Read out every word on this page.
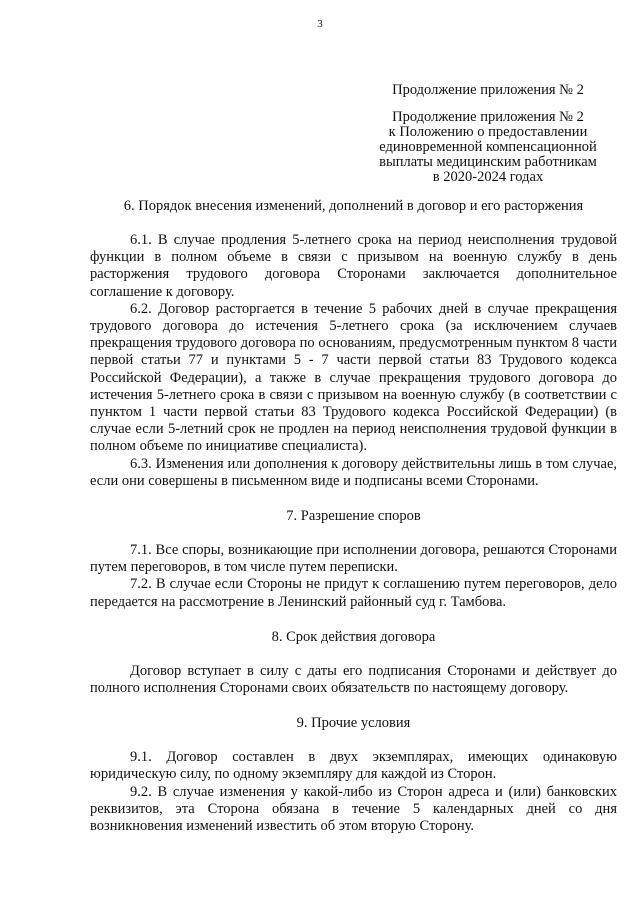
3
Продолжение приложения № 2
Продолжение приложения № 2
к Положению о предоставлении
единовременной компенсационной
выплаты медицинским работникам
в 2020-2024 годах
6. Порядок внесения изменений, дополнений в договор и его расторжения

6.1. В случае продления 5-летнего срока на период неисполнения трудовой функции в полном объеме в связи с призывом на военную службу в день расторжения трудового договора Сторонами заключается дополнительное соглашение к договору.

6.2. Договор расторгается в течение 5 рабочих дней в случае прекращения трудового договора до истечения 5-летнего срока (за исключением случаев прекращения трудового договора по основаниям, предусмотренным пунктом 8 части первой статьи 77 и пунктами 5 - 7 части первой статьи 83 Трудового кодекса Российской Федерации), а также в случае прекращения трудового договора до истечения 5-летнего срока в связи с призывом на военную службу (в соответствии с пунктом 1 части первой статьи 83 Трудового кодекса Российской Федерации) (в случае если 5-летний срок не продлен на период неисполнения трудовой функции в полном объеме по инициативе специалиста).

6.3. Изменения или дополнения к договору действительны лишь в том случае, если они совершены в письменном виде и подписаны всеми Сторонами.

7. Разрешение споров

7.1. Все споры, возникающие при исполнении договора, решаются Сторонами путем переговоров, в том числе путем переписки.

7.2. В случае если Стороны не придут к соглашению путем переговоров, дело передается на рассмотрение в Ленинский районный суд г. Тамбова.

8. Срок действия договора

Договор вступает в силу с даты его подписания Сторонами и действует до полного исполнения Сторонами своих обязательств по настоящему договору.

9. Прочие условия

9.1. Договор составлен в двух экземплярах, имеющих одинаковую юридическую силу, по одному экземпляру для каждой из Сторон.

9.2. В случае изменения у какой-либо из Сторон адреса и (или) банковских реквизитов, эта Сторона обязана в течение 5 календарных дней со дня возникновения изменений известить об этом вторую Сторону.
